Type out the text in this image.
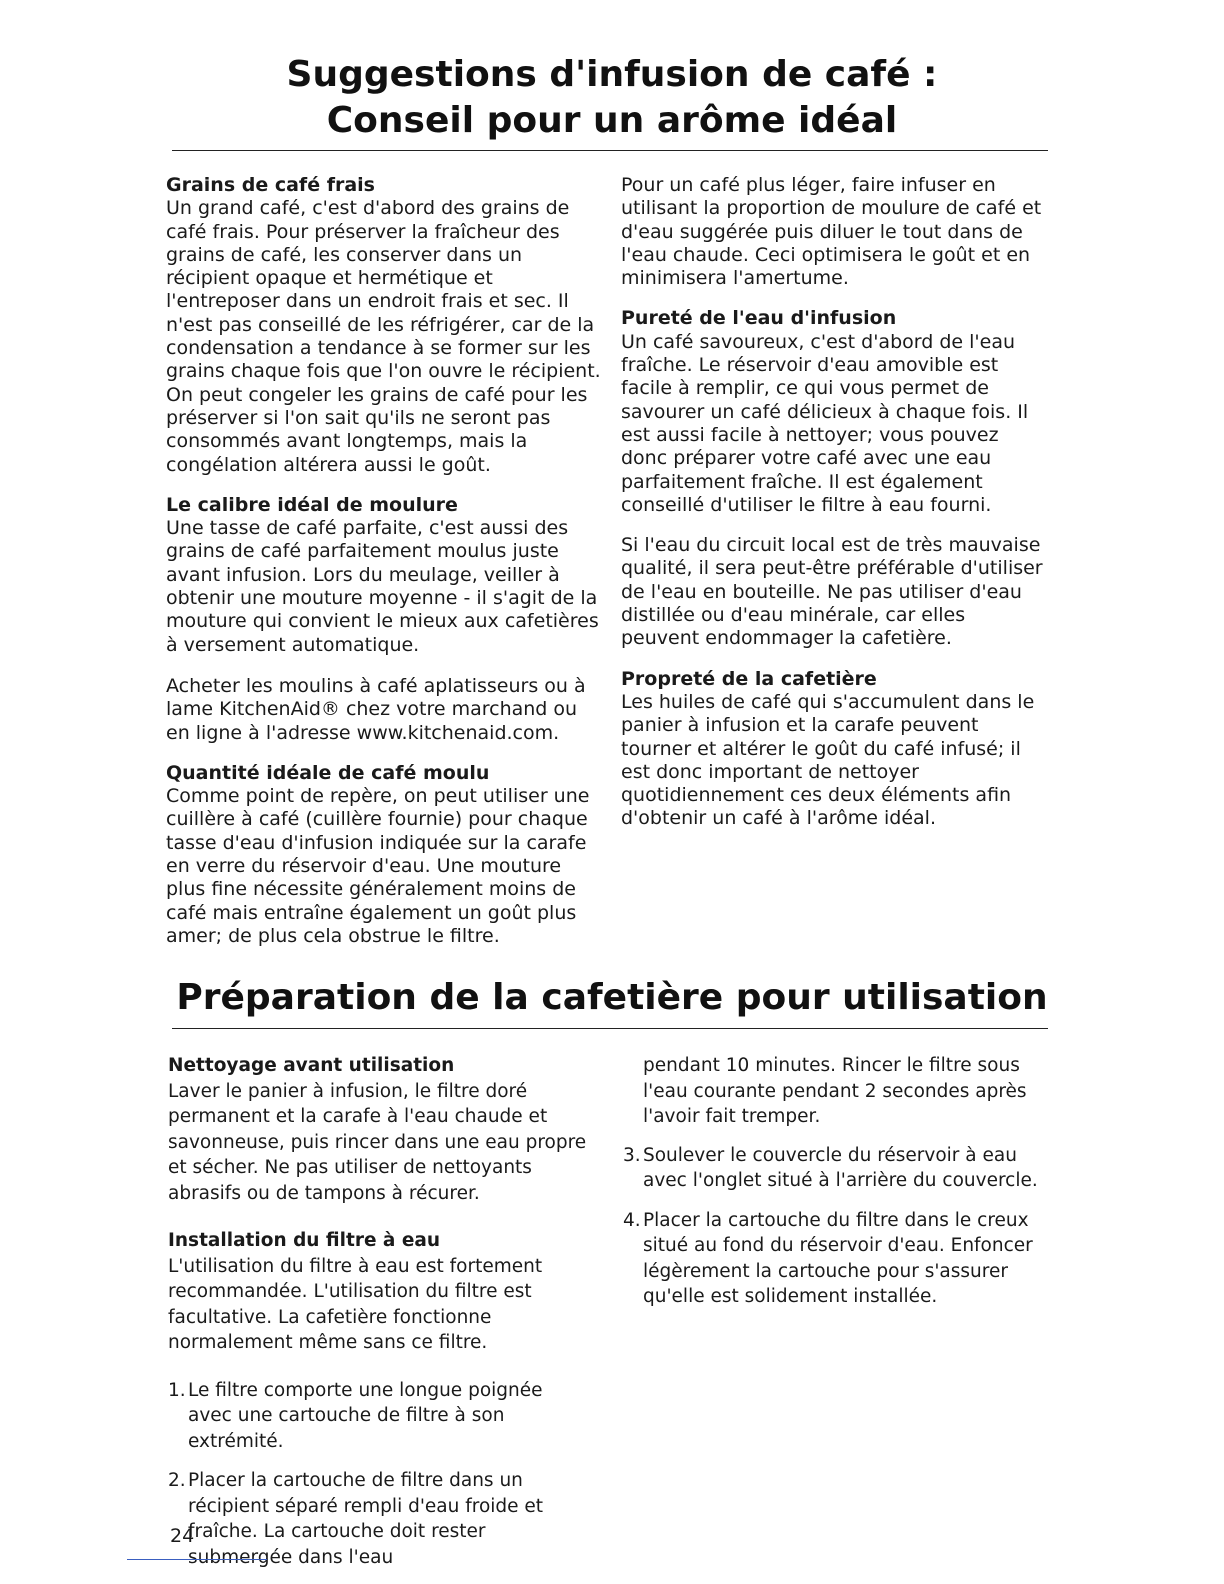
Suggestions d'infusion de café :
Conseil pour un arôme idéal

Grains de café frais

Un grand café, c'est d'abord des grains de café frais. Pour préserver la fraîcheur des grains de café, les conserver dans un récipient opaque et hermétique et l'entreposer dans un endroit frais et sec. Il n'est pas conseillé de les réfrigérer, car de la condensation a tendance à se former sur les grains chaque fois que l'on ouvre le récipient. On peut congeler les grains de café pour les préserver si l'on sait qu'ils ne seront pas consommés avant longtemps, mais la congélation altérera aussi le goût.

Le calibre idéal de moulure

Une tasse de café parfaite, c'est aussi des grains de café parfaitement moulus juste avant infusion. Lors du meulage, veiller à obtenir une mouture moyenne - il s'agit de la mouture qui convient le mieux aux cafetières à versement automatique.

Acheter les moulins à café aplatisseurs ou à lame KitchenAid® chez votre marchand ou en ligne à l'adresse www.kitchenaid.com.

Quantité idéale de café moulu

Comme point de repère, on peut utiliser une cuillère à café (cuillère fournie) pour chaque tasse d'eau d'infusion indiquée sur la carafe en verre du réservoir d'eau. Une mouture plus fine nécessite généralement moins de café mais entraîne également un goût plus amer; de plus cela obstrue le filtre.

Pour un café plus léger, faire infuser en utilisant la proportion de moulure de café et d'eau suggérée puis diluer le tout dans de l'eau chaude. Ceci optimisera le goût et en minimisera l'amertume.

Pureté de l'eau d'infusion

Un café savoureux, c'est d'abord de l'eau fraîche. Le réservoir d'eau amovible est facile à remplir, ce qui vous permet de savourer un café délicieux à chaque fois. Il est aussi facile à nettoyer; vous pouvez donc préparer votre café avec une eau parfaitement fraîche. Il est également conseillé d'utiliser le filtre à eau fourni.

Si l'eau du circuit local est de très mauvaise qualité, il sera peut-être préférable d'utiliser de l'eau en bouteille. Ne pas utiliser d'eau distillée ou d'eau minérale, car elles peuvent endommager la cafetière.

Propreté de la cafetière

Les huiles de café qui s'accumulent dans le panier à infusion et la carafe peuvent tourner et altérer le goût du café infusé; il est donc important de nettoyer quotidiennement ces deux éléments afin d'obtenir un café à l'arôme idéal.

Préparation de la cafetière pour utilisation

Nettoyage avant utilisation

Laver le panier à infusion, le filtre doré permanent et la carafe à l'eau chaude et savonneuse, puis rincer dans une eau propre et sécher. Ne pas utiliser de nettoyants abrasifs ou de tampons à récurer.

Installation du filtre à eau

L'utilisation du filtre à eau est fortement recommandée. L'utilisation du filtre est facultative. La cafetière fonctionne normalement même sans ce filtre.

1. Le filtre comporte une longue poignée avec une cartouche de filtre à son extrémité.
2. Placer la cartouche de filtre dans un récipient séparé rempli d'eau froide et fraîche. La cartouche doit rester submergée dans l'eau

pendant 10 minutes. Rincer le filtre sous l'eau courante pendant 2 secondes après l'avoir fait tremper.

3. Soulever le couvercle du réservoir à eau avec l'onglet situé à l'arrière du couvercle.
4. Placer la cartouche du filtre dans le creux situé au fond du réservoir d'eau. Enfoncer légèrement la cartouche pour s'assurer qu'elle est solidement installée.
24
